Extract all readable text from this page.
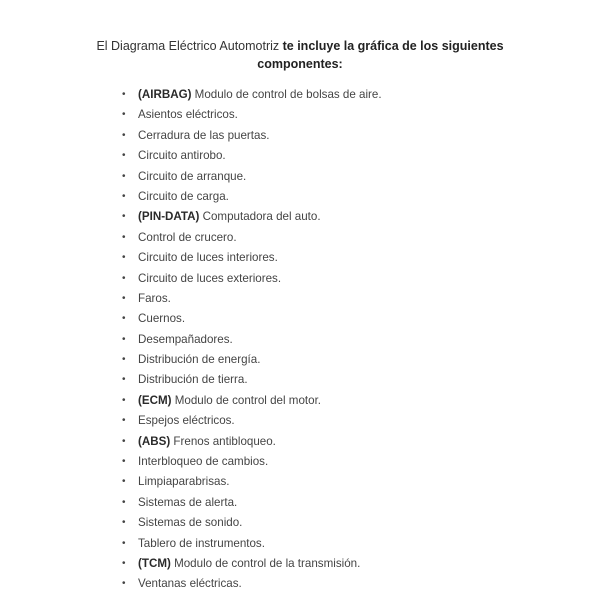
El Diagrama Eléctrico Automotriz te incluye la gráfica de los siguientes componentes:
• (AIRBAG) Modulo de control de bolsas de aire.
• Asientos eléctricos.
• Cerradura de las puertas.
• Circuito antirobo.
• Circuito de arranque.
• Circuito de carga.
• (PIN-DATA) Computadora del auto.
• Control de crucero.
• Circuito de luces interiores.
• Circuito de luces exteriores.
• Faros.
• Cuernos.
• Desempañadores.
• Distribución de energía.
• Distribución de tierra.
• (ECM) Modulo de control del motor.
• Espejos eléctricos.
• (ABS) Frenos antibloqueo.
• Interbloqueo de cambios.
• Limpiaparabrisas.
• Sistemas de alerta.
• Sistemas de sonido.
• Tablero de instrumentos.
• (TCM) Modulo de control de la transmisión.
• Ventanas eléctricas.
